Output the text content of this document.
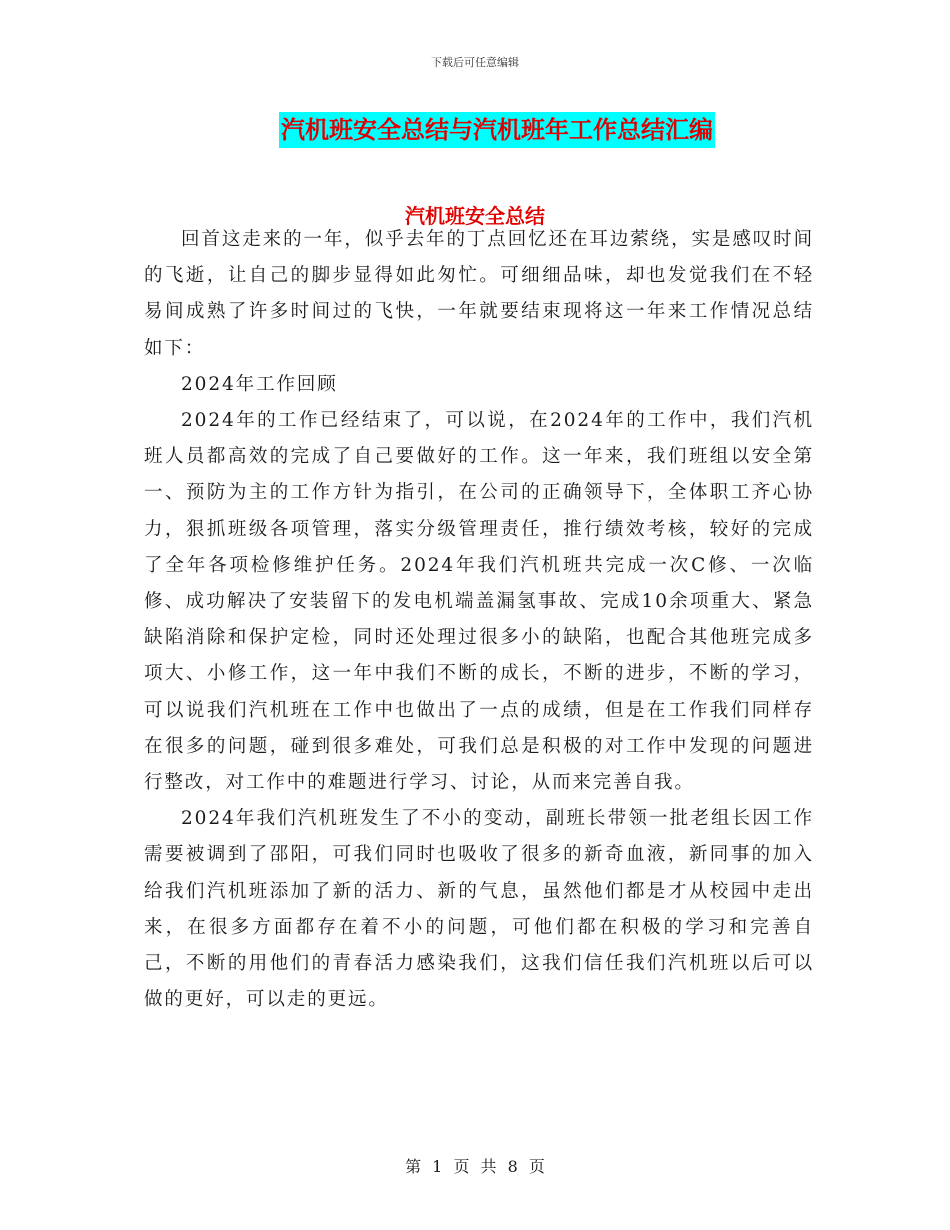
下载后可任意编辑
汽机班安全总结与汽机班年工作总结汇编
汽机班安全总结

回首这走来的一年，似乎去年的丁点回忆还在耳边萦绕，实是感叹时间的飞逝，让自己的脚步显得如此匆忙。可细细品味，却也发觉我们在不轻易间成熟了许多时间过的飞快，一年就要结束现将这一年来工作情况总结如下：

2024年工作回顾

2024年的工作已经结束了，可以说，在2024年的工作中，我们汽机班人员都高效的完成了自己要做好的工作。这一年来，我们班组以安全第一、预防为主的工作方针为指引，在公司的正确领导下，全体职工齐心协力，狠抓班级各项管理，落实分级管理责任，推行绩效考核，较好的完成了全年各项检修维护任务。2024年我们汽机班共完成一次C修、一次临修、成功解决了安装留下的发电机端盖漏氢事故、完成10余项重大、紧急缺陷消除和保护定检，同时还处理过很多小的缺陷，也配合其他班完成多项大、小修工作，这一年中我们不断的成长，不断的进步，不断的学习，可以说我们汽机班在工作中也做出了一点的成绩，但是在工作我们同样存在很多的问题，碰到很多难处，可我们总是积极的对工作中发现的问题进行整改，对工作中的难题进行学习、讨论，从而来完善自我。

2024年我们汽机班发生了不小的变动，副班长带领一批老组长因工作需要被调到了邵阳，可我们同时也吸收了很多的新奇血液，新同事的加入给我们汽机班添加了新的活力、新的气息，虽然他们都是才从校园中走出来，在很多方面都存在着不小的问题，可他们都在积极的学习和完善自己，不断的用他们的青春活力感染我们，这我们信任我们汽机班以后可以做的更好，可以走的更远。

第 1 页 共 8 页
